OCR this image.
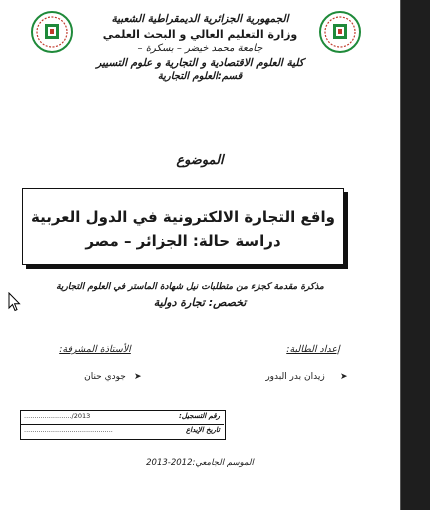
الجمهورية الجزائرية الديمقراطية الشعبية
وزارة التعليم العالي و البحث العلمي
جامعة محمد خيضر – بسكرة –
كلية العلوم الاقتصادية و التجارية و علوم التسيير
قسم:العلوم التجارية
الموضوع
واقع التجارة الالكترونية في الدول العربية
دراسة حالة: الجزائر – مصر
مذكرة مقدمة كجزء من متطلبات نيل شهادة الماستر في العلوم التجارية
تخصص: تجارة دولية
إعداد الطالبة:
الأستاذة المشرفة:
➤
زيدان بدر البدور
➤
جودي حنان
......................./2013	رقم التسجيل:
...........................................	تاريخ الإيداع
الموسم الجامعي:2012-2013
